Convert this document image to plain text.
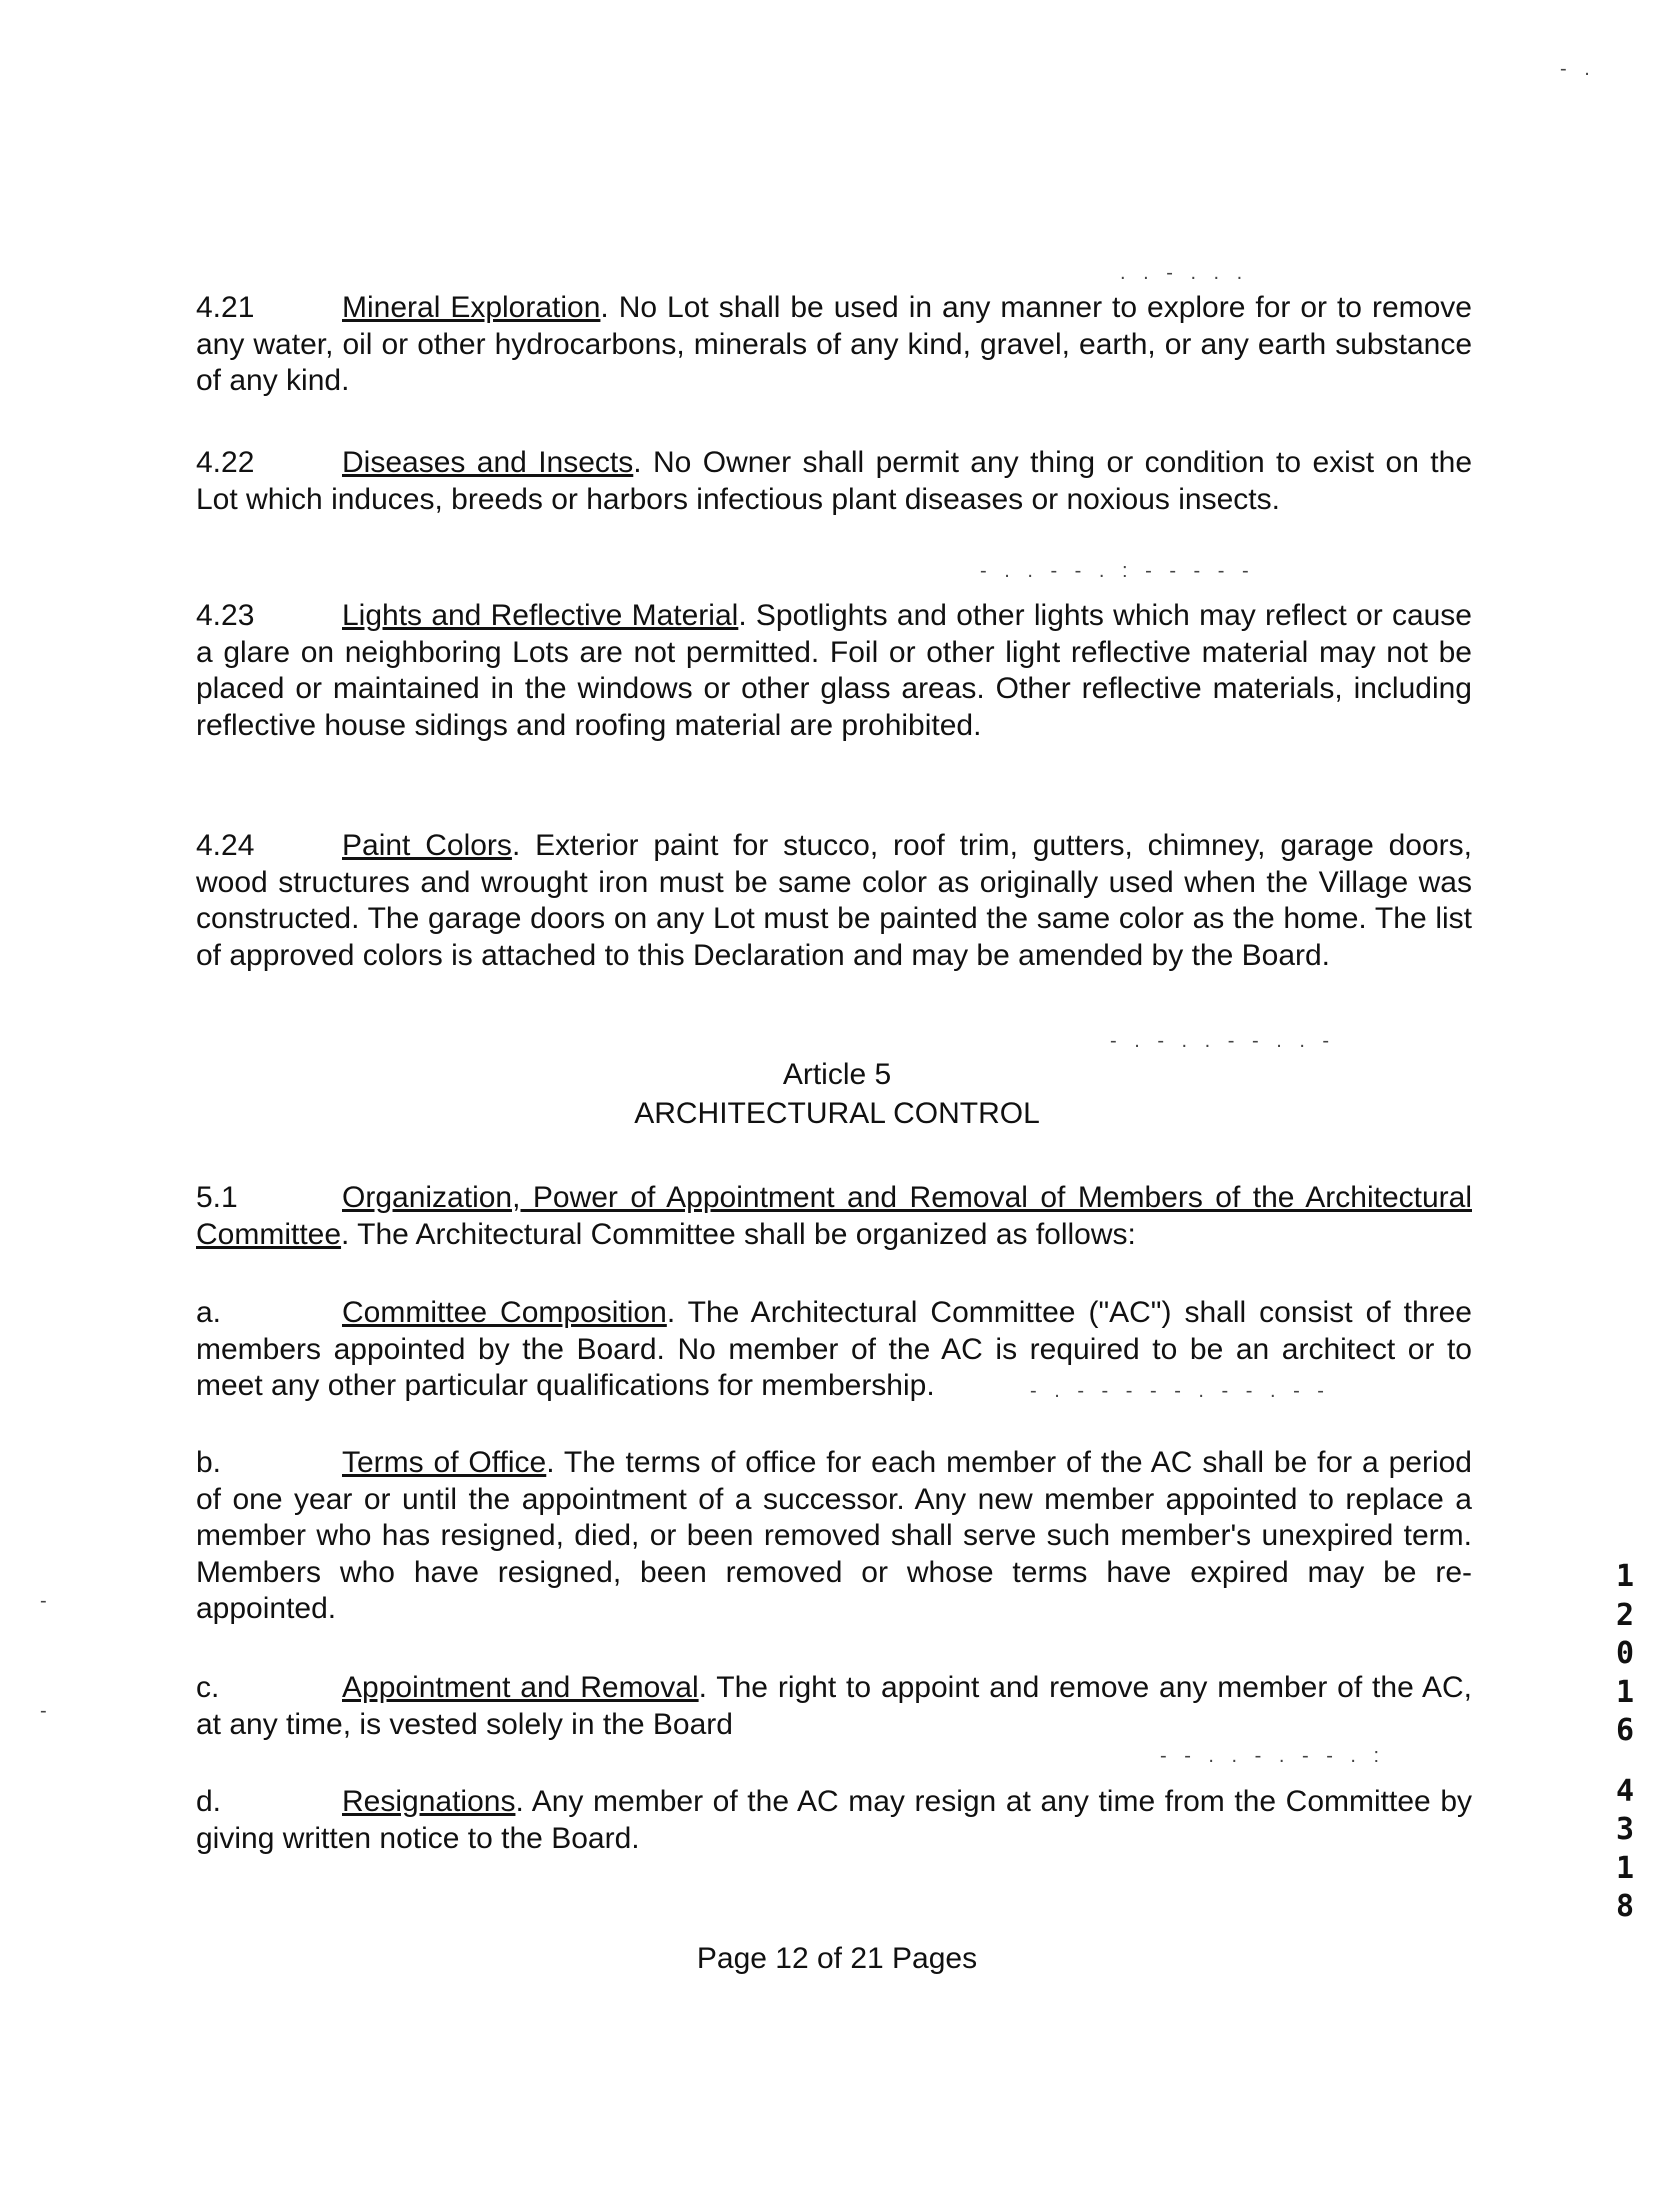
4.21	Mineral Exploration. No Lot shall be used in any manner to explore for or to remove any water, oil or other hydrocarbons, minerals of any kind, gravel, earth, or any earth substance of any kind.
4.22	Diseases and Insects. No Owner shall permit any thing or condition to exist on the Lot which induces, breeds or harbors infectious plant diseases or noxious insects.
4.23	Lights and Reflective Material. Spotlights and other lights which may reflect or cause a glare on neighboring Lots are not permitted. Foil or other light reflective material may not be placed or maintained in the windows or other glass areas. Other reflective materials, including reflective house sidings and roofing material are prohibited.
4.24	Paint Colors. Exterior paint for stucco, roof trim, gutters, chimney, garage doors, wood structures and wrought iron must be same color as originally used when the Village was constructed. The garage doors on any Lot must be painted the same color as the home. The list of approved colors is attached to this Declaration and may be amended by the Board.
Article 5
ARCHITECTURAL CONTROL
5.1	Organization, Power of Appointment and Removal of Members of the Architectural Committee. The Architectural Committee shall be organized as follows:
a.	Committee Composition. The Architectural Committee ("AC") shall consist of three members appointed by the Board. No member of the AC is required to be an architect or to meet any other particular qualifications for membership.
b.	Terms of Office. The terms of office for each member of the AC shall be for a period of one year or until the appointment of a successor. Any new member appointed to replace a member who has resigned, died, or been removed shall serve such member's unexpired term. Members who have resigned, been removed or whose terms have expired may be re-appointed.
c.	Appointment and Removal. The right to appoint and remove any member of the AC, at any time, is vested solely in the Board
d.	Resignations. Any member of the AC may resign at any time from the Committee by giving written notice to the Board.
Page 12 of 21 Pages
1
2
0
1
6
4
3
1
8
. . - . . .
- . . - - . : - - - - -
- . - . . - - . . -
- . - - - - - . - - . - -
- - . . - . - - . :
- .
-
-
